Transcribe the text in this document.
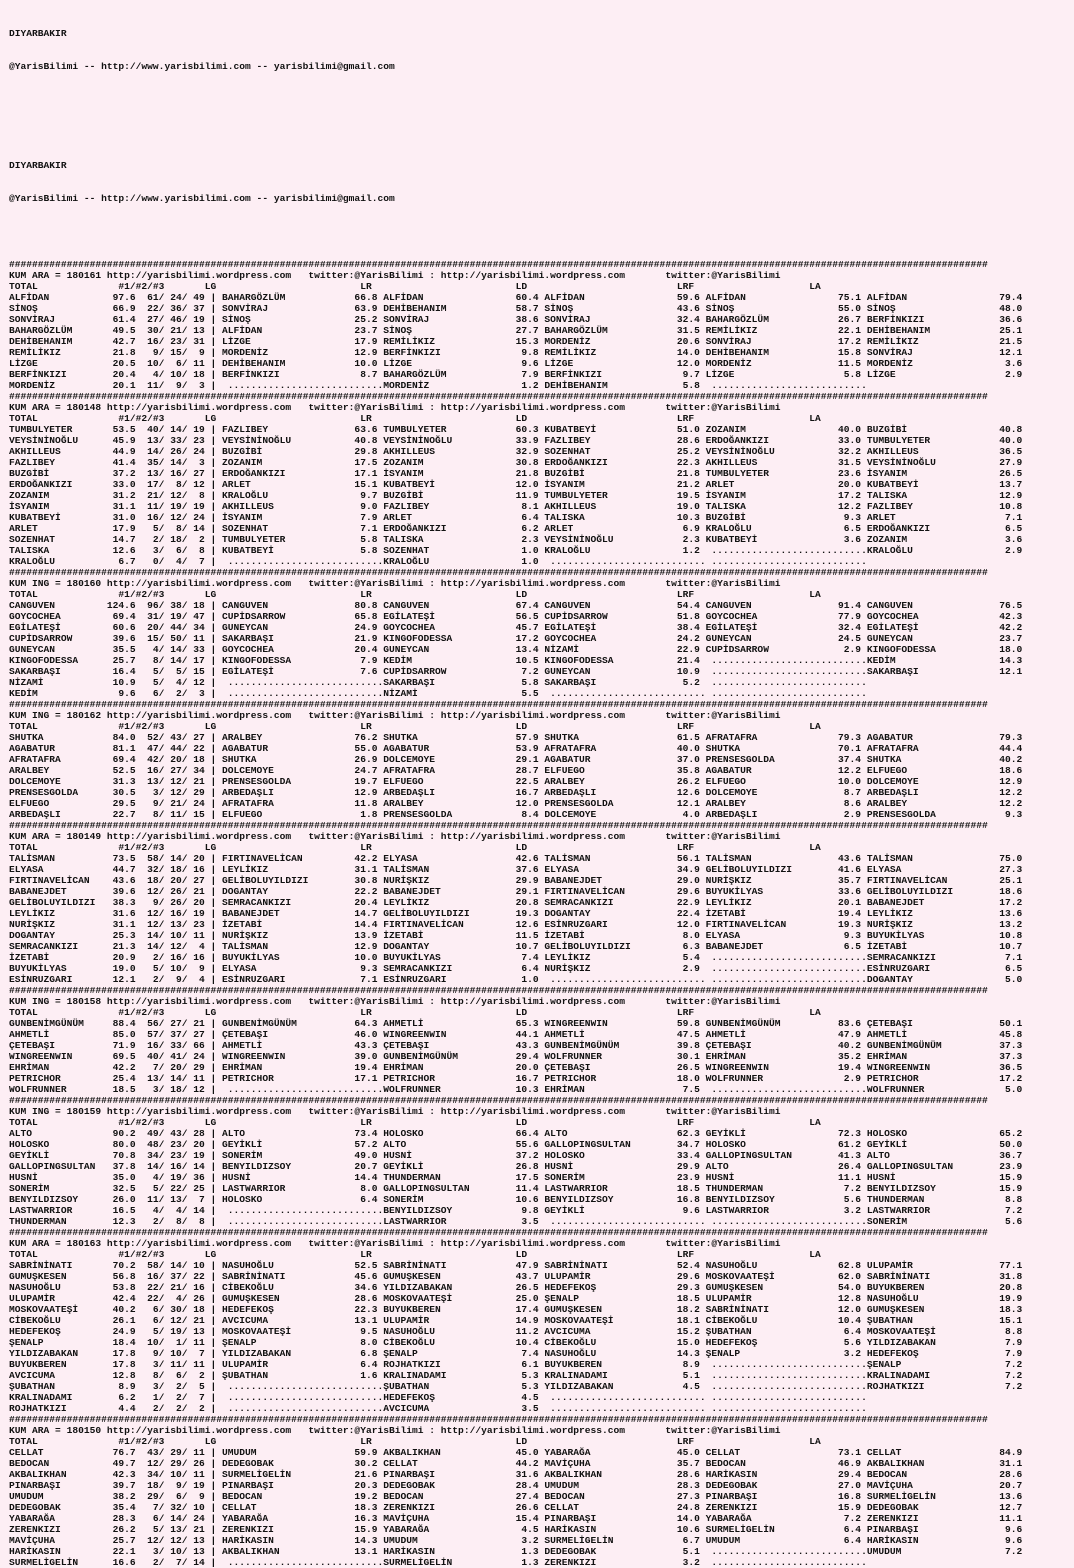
DIYARBAKIR

@YarisBilimi -- http://www.yarisbilimi.com -- yarisbilimi@gmail.com

DIYARBAKIR

@YarisBilimi -- http://www.yarisbilimi.com -- yarisbilimi@gmail.com

##########################################################################################################################################################################
KUM ARA = 180161 http://yarisbilimi.wordpress.com   twitter:@YarisBilimi : http://yarisbilimi.wordpress.com       twitter:@YarisBilimi
TOTAL              #1/#2/#3       LG                         LR                         LD                          LRF                    LA
ALFİDAN           97.6  61/ 24/ 49 | BAHARGÖZLÜM            66.8 ALFİDAN                60.4 ALFİDAN                59.6 ALFİDAN                75.1 ALFİDAN                79.4
SİNOŞ             66.9  22/ 36/ 37 | SONVİRAJ               63.9 DEHİBEHANIM            58.7 SİNOŞ                  43.6 SİNOŞ                  55.0 SİNOŞ                  48.0
SONVİRAJ          61.4  27/ 46/ 19 | SİNOŞ                  25.2 SONVİRAJ               38.6 SONVİRAJ               32.4 BAHARGÖZLÜM            26.7 BERFİNKIZI             36.6
BAHARGÖZLÜM       49.5  30/ 21/ 13 | ALFİDAN                23.7 SİNOŞ                  27.7 BAHARGÖZLÜM            31.5 REMİLİKIZ              22.1 DEHİBEHANIM            25.1
DEHİBEHANIM       42.7  16/ 23/ 31 | LİZGE                  17.9 REMİLİKIZ              15.3 MORDENİZ               20.6 SONVİRAJ               17.2 REMİLİKIZ              21.5
REMİLİKIZ         21.8   9/ 15/  9 | MORDENİZ               12.9 BERFİNKIZI              9.8 REMİLİKIZ              14.0 DEHİBEHANIM            15.8 SONVİRAJ               12.1
LİZGE             20.5  10/  6/ 11 | DEHİBEHANIM            10.0 LİZGE                   9.6 LİZGE                  12.0 MORDENİZ               11.5 MORDENİZ                3.6
BERFİNKIZI        20.4   4/ 10/ 18 | BERFİNKIZI              8.7 BAHARGÖZLÜM             7.9 BERFİNKIZI              9.7 LİZGE                   5.8 LİZGE                   2.9
MORDENİZ          20.1  11/  9/  3 |  ...........................MORDENİZ                1.2 DEHİBEHANIM             5.8  ...........................
##########################################################################################################################################################################
KUM ARA = 180148 http://yarisbilimi.wordpress.com   twitter:@YarisBilimi : http://yarisbilimi.wordpress.com       twitter:@YarisBilimi
TOTAL              #1/#2/#3       LG                         LR                         LD                          LRF                    LA
TUMBULYETER       53.5  40/ 14/ 19 | FAZLIBEY               63.6 TUMBULYETER            60.3 KUBATBEYİ              51.0 ZOZANIM                40.0 BUZGİBİ                40.8
VEYSİNİNOĞLU      45.9  13/ 33/ 23 | VEYSİNİNOĞLU           40.8 VEYSİNİNOĞLU           33.9 FAZLIBEY               28.6 ERDOĞANKIZI            33.0 TUMBULYETER            40.0
AKHILLEUS         44.9  14/ 26/ 24 | BUZGİBİ                29.8 AKHILLEUS              32.9 SOZENHAT               25.2 VEYSİNİNOĞLU           32.2 AKHILLEUS              36.5
FAZLIBEY          41.4  35/ 14/  3 | ZOZANIM                17.5 ZOZANIM                30.8 ERDOĞANKIZI            22.3 AKHILLEUS              31.5 VEYSİNİNOĞLU           27.9
BUZGİBİ           37.2  13/ 16/ 27 | ERDOĞANKIZI            17.1 İSYANIM                21.8 BUZGİBİ                21.8 TUMBULYETER            23.6 İSYANIM                26.5
ERDOĞANKIZI       33.0  17/  8/ 12 | ARLET                  15.1 KUBATBEYİ              12.0 İSYANIM                21.2 ARLET                  20.0 KUBATBEYİ              13.7
ZOZANIM           31.2  21/ 12/  8 | KRALOĞLU                9.7 BUZGİBİ                11.9 TUMBULYETER            19.5 İSYANIM                17.2 TALISKA                12.9
İSYANIM           31.1  11/ 19/ 19 | AKHILLEUS               9.0 FAZLIBEY                8.1 AKHILLEUS              19.0 TALISKA                12.2 FAZLIBEY               10.8
KUBATBEYİ         31.0  16/ 12/ 24 | İSYANIM                 7.9 ARLET                   6.4 TALISKA                10.3 BUZGİBİ                 9.3 ARLET                   7.1
ARLET             17.9   5/  8/ 14 | SOZENHAT                7.1 ERDOĞANKIZI             6.2 ARLET                   6.9 KRALOĞLU                6.5 ERDOĞANKIZI             6.5
SOZENHAT          14.7   2/ 18/  2 | TUMBULYETER             5.8 TALISKA                 2.3 VEYSİNİNOĞLU            2.3 KUBATBEYİ               3.6 ZOZANIM                 3.6
TALISKA           12.6   3/  6/  8 | KUBATBEYİ               5.8 SOZENHAT                1.0 KRALOĞLU                1.2  ...........................KRALOĞLU                2.9
KRALOĞLU           6.7   0/  4/  7 |  ...........................KRALOĞLU                1.0  ........................... ...........................
##########################################################################################################################################################################
KUM ING = 180160 http://yarisbilimi.wordpress.com   twitter:@YarisBilimi : http://yarisbilimi.wordpress.com       twitter:@YarisBilimi
TOTAL              #1/#2/#3       LG                         LR                         LD                          LRF                    LA
CANGUVEN         124.6  96/ 38/ 18 | CANGUVEN               80.8 CANGUVEN               67.4 CANGUVEN               54.4 CANGUVEN               91.4 CANGUVEN               76.5
GOYCOCHEA         69.4  31/ 19/ 47 | CUPİDSARROW            65.8 EGİLATEŞİ              56.5 CUPİDSARROW            51.8 GOYCOCHEA              77.9 GOYCOCHEA              42.3
EGİLATEŞİ         60.6  20/ 44/ 34 | GUNEYCAN               24.9 GOYCOCHEA              45.7 EGİLATEŞİ              38.4 EGİLATEŞİ              32.4 EGİLATEŞİ              42.2
CUPİDSARROW       39.6  15/ 50/ 11 | SAKARBAŞI              21.9 KINGOFODESSA           17.2 GOYCOCHEA              24.2 GUNEYCAN               24.5 GUNEYCAN               23.7
GUNEYCAN          35.5   4/ 14/ 33 | GOYCOCHEA              20.4 GUNEYCAN               13.4 NİZAMİ                 22.9 CUPİDSARROW             2.9 KINGOFODESSA           18.0
KINGOFODESSA      25.7   8/ 14/ 17 | KINGOFODESSA            7.9 KEDİM                  10.5 KINGOFODESSA           21.4  ...........................KEDİM                  14.3
SAKARBAŞI         16.4   5/  5/ 15 | EGİLATEŞİ               7.6 CUPİDSARROW             7.2 GUNEYCAN               10.9  ...........................SAKARBAŞI              12.1
NİZAMİ            10.9   5/  4/ 12 |  ...........................SAKARBAŞI               5.8 SAKARBAŞI               5.2  ...........................
KEDİM              9.6   6/  2/  3 |  ...........................NİZAMİ                  5.5  ........................... ...........................
##########################################################################################################################################################################
KUM ING = 180162 http://yarisbilimi.wordpress.com   twitter:@YarisBilimi : http://yarisbilimi.wordpress.com       twitter:@YarisBilimi
TOTAL              #1/#2/#3       LG                         LR                         LD                          LRF                    LA
SHUTKA            84.0  52/ 43/ 27 | ARALBEY                76.2 SHUTKA                 57.9 SHUTKA                 61.5 AFRATAFRA              79.3 AGABATUR               79.3
AGABATUR          81.1  47/ 44/ 22 | AGABATUR               55.0 AGABATUR               53.9 AFRATAFRA              40.0 SHUTKA                 70.1 AFRATAFRA              44.4
AFRATAFRA         69.4  42/ 20/ 18 | SHUTKA                 26.9 DOLCEMOYE              29.1 AGABATUR               37.0 PRENSESGOLDA           37.4 SHUTKA                 40.2
ARALBEY           52.5  16/ 27/ 34 | DOLCEMOYE              24.7 AFRATAFRA              28.7 ELFUEGO                35.8 AGABATUR               12.2 ELFUEGO                18.6
DOLCEMOYE         31.3  13/ 12/ 21 | PRENSESGOLDA           19.7 ELFUEGO                22.5 ARALBEY                26.2 ELFUEGO                10.0 DOLCEMOYE              12.9
PRENSESGOLDA      30.5   3/ 12/ 29 | ARBEDAŞLI              12.9 ARBEDAŞLI              16.7 ARBEDAŞLI              12.6 DOLCEMOYE               8.7 ARBEDAŞLI              12.2
ELFUEGO           29.5   9/ 21/ 24 | AFRATAFRA              11.8 ARALBEY                12.0 PRENSESGOLDA           12.1 ARALBEY                 8.6 ARALBEY                12.2
ARBEDAŞLI         22.7   8/ 11/ 15 | ELFUEGO                 1.8 PRENSESGOLDA            8.4 DOLCEMOYE               4.0 ARBEDAŞLI               2.9 PRENSESGOLDA            9.3
##########################################################################################################################################################################
KUM ARA = 180149 http://yarisbilimi.wordpress.com   twitter:@YarisBilimi : http://yarisbilimi.wordpress.com       twitter:@YarisBilimi
TOTAL              #1/#2/#3       LG                         LR                         LD                          LRF                    LA
TALİSMAN          73.5  58/ 14/ 20 | FIRTINAVELİCAN         42.2 ELYASA                 42.6 TALİSMAN               56.1 TALİSMAN               43.6 TALİSMAN               75.0
ELYASA            44.7  32/ 18/ 16 | LEYLİKIZ               31.1 TALİSMAN               37.6 ELYASA                 34.9 GELİBOLUYILDIZI        41.6 ELYASA                 27.3
FIRTINAVELİCAN    43.6  18/ 20/ 27 | GELİBOLUYILDIZI        30.8 NURİŞKIZ               29.9 BABANEJDET             29.0 NURİŞKIZ               35.7 FIRTINAVELİCAN         25.1
BABANEJDET        39.6  12/ 26/ 21 | DOGANTAY               22.2 BABANEJDET             29.1 FIRTINAVELİCAN         29.6 BUYUKİLYAS             33.6 GELİBOLUYILDIZI        18.6
GELİBOLUYILDIZI   38.3   9/ 26/ 20 | SEMRACANKIZI           20.4 LEYLİKIZ               20.8 SEMRACANKIZI           22.9 LEYLİKIZ               20.1 BABANEJDET             17.2
LEYLİKIZ          31.6  12/ 16/ 19 | BABANEJDET             14.7 GELİBOLUYILDIZI        19.3 DOGANTAY               22.4 İZETABİ                19.4 LEYLİKIZ               13.6
NURİŞKIZ          31.1  12/ 13/ 23 | İZETABİ                14.4 FIRTINAVELİCAN         12.6 ESİNRUZGARI            12.0 FIRTINAVELİCAN         19.3 NURİŞKIZ               13.2
DOGANTAY          25.3  14/ 10/ 11 | NURİŞKIZ               13.9 İZETABİ                11.5 İZETABİ                 8.0 ELYASA                  9.3 BUYUKİLYAS             10.8
SEMRACANKIZI      21.3  14/ 12/  4 | TALİSMAN               12.9 DOGANTAY               10.7 GELİBOLUYILDIZI         6.3 BABANEJDET              6.5 İZETABİ                10.7
İZETABİ           20.9   2/ 16/ 16 | BUYUKİLYAS             10.0 BUYUKİLYAS              7.4 LEYLİKIZ                5.4  ...........................SEMRACANKIZI            7.1
BUYUKİLYAS        19.0   5/ 10/  9 | ELYASA                  9.3 SEMRACANKIZI            6.4 NURİŞKIZ                2.9  ...........................ESİNRUZGARI             6.5
ESİNRUZGARI       12.1   2/  9/  4 | ESİNRUZGARI             7.1 ESİNRUZGARI             1.0  ........................... ...........................DOGANTAY                5.0
##########################################################################################################################################################################
KUM ING = 180158 http://yarisbilimi.wordpress.com   twitter:@YarisBilimi : http://yarisbilimi.wordpress.com       twitter:@YarisBilimi
TOTAL              #1/#2/#3       LG                         LR                         LD                          LRF                    LA
GUNBENİMGÜNÜM     88.4  56/ 27/ 21 | GUNBENİMGÜNÜM          64.3 AHMETLİ                65.3 WINGREENWIN            59.8 GUNBENİMGÜNÜM          83.6 ÇETEBAŞI               50.1
AHMETLİ           85.0  57/ 37/ 27 | ÇETEBAŞI               46.0 WINGREENWIN            44.1 AHMETLİ                47.5 AHMETLİ                47.9 AHMETLİ                45.8
ÇETEBAŞI          71.9  16/ 33/ 66 | AHMETLİ                43.3 ÇETEBAŞI               43.3 GUNBENİMGÜNÜM          39.8 ÇETEBAŞI               40.2 GUNBENİMGÜNÜM          37.3
WINGREENWIN       69.5  40/ 41/ 24 | WINGREENWIN            39.0 GUNBENİMGÜNÜM          29.4 WOLFRUNNER             30.1 EHRİMAN                35.2 EHRİMAN                37.3
EHRİMAN           42.2   7/ 20/ 29 | EHRİMAN                19.4 EHRİMAN                20.0 ÇETEBAŞI               26.5 WINGREENWIN            19.4 WINGREENWIN            36.5
PETRICHOR         25.4  13/ 14/ 11 | PETRICHOR              17.1 PETRICHOR              16.7 PETRICHOR              18.0 WOLFRUNNER              2.9 PETRICHOR              17.2
WOLFRUNNER        18.5   3/ 18/ 12 |  ...........................WOLFRUNNER             10.3 EHRİMAN                 7.5  ...........................WOLFRUNNER              5.0
##########################################################################################################################################################################
KUM ING = 180159 http://yarisbilimi.wordpress.com   twitter:@YarisBilimi : http://yarisbilimi.wordpress.com       twitter:@YarisBilimi
TOTAL              #1/#2/#3       LG                         LR                         LD                          LRF                    LA
ALTO              90.2  49/ 43/ 28 | ALTO                   73.4 HOLOSKO                66.4 ALTO                   62.3 GEYİKLİ                72.3 HOLOSKO                65.2
HOLOSKO           80.0  48/ 23/ 20 | GEYİKLİ                57.2 ALTO                   55.6 GALLOPINGSULTAN        34.7 HOLOSKO                61.2 GEYİKLİ                50.0
GEYİKLİ           70.8  34/ 23/ 19 | SONERİM                49.0 HUSNİ                  37.2 HOLOSKO                33.4 GALLOPINGSULTAN        41.3 ALTO                   36.7
GALLOPINGSULTAN   37.8  14/ 16/ 14 | BENYILDIZSOY           20.7 GEYİKLİ                26.8 HUSNİ                  29.9 ALTO                   26.4 GALLOPINGSULTAN        23.9
HUSNİ             35.0   4/ 19/ 36 | HUSNİ                  14.4 THUNDERMAN             17.5 SONERİM                23.9 HUSNİ                  11.1 HUSNİ                  15.9
SONERİM           32.5   5/ 22/ 25 | LASTWARRIOR             8.0 GALLOPINGSULTAN        11.4 LASTWARRIOR            18.5 THUNDERMAN              7.2 BENYILDIZSOY           15.9
BENYILDIZSOY      26.0  11/ 13/  7 | HOLOSKO                 6.4 SONERİM                10.6 BENYILDIZSOY           16.8 BENYILDIZSOY            5.6 THUNDERMAN              8.8
LASTWARRIOR       16.5   4/  4/ 14 |  ...........................BENYILDIZSOY            9.8 GEYİKLİ                 9.6 LASTWARRIOR             3.2 LASTWARRIOR             7.2
THUNDERMAN        12.3   2/  8/  8 |  ...........................LASTWARRIOR             3.5  ........................... ...........................SONERİM                 5.6
##########################################################################################################################################################################
KUM ARA = 180163 http://yarisbilimi.wordpress.com   twitter:@YarisBilimi : http://yarisbilimi.wordpress.com       twitter:@YarisBilimi
TOTAL              #1/#2/#3       LG                         LR                         LD                          LRF                    LA
SABRİNİNATI       70.2  58/ 14/ 10 | NASUHOĞLU              52.5 SABRİNİNATI            47.9 SABRİNİNATI            52.4 NASUHOĞLU              62.8 ULUPAMİR               77.1
GUMUŞKESEN        56.8  16/ 37/ 22 | SABRİNİNATI            45.6 GUMUŞKESEN             43.7 ULUPAMİR               29.6 MOSKOVAATEŞİ           62.0 SABRİNİNATI            31.8
NASUHOĞLU         53.8  22/ 21/ 16 | CİBEKOĞLU              34.6 YILDIZABAKAN           26.5 HEDEFEKOŞ              29.3 GUMUŞKESEN             54.0 BUYUKBEREN             20.8
ULUPAMİR          42.4  22/  4/ 26 | GUMUŞKESEN             28.6 MOSKOVAATEŞİ           25.0 ŞENALP                 18.5 ULUPAMİR               12.8 NASUHOĞLU              19.9
MOSKOVAATEŞİ      40.2   6/ 30/ 18 | HEDEFEKOŞ              22.3 BUYUKBEREN             17.4 GUMUŞKESEN             18.2 SABRİNİNATI            12.0 GUMUŞKESEN             18.3
CİBEKOĞLU         26.1   6/ 12/ 21 | AVCICUMA               13.1 ULUPAMİR               14.9 MOSKOVAATEŞİ           18.1 CİBEKOĞLU              10.4 ŞUBATHAN               15.1
HEDEFEKOŞ         24.9   5/ 19/ 13 | MOSKOVAATEŞİ            9.5 NASUHOĞLU              11.2 AVCICUMA               15.2 ŞUBATHAN                6.4 MOSKOVAATEŞİ            8.8
ŞENALP            18.4  10/  1/ 11 | ŞENALP                  8.0 CİBEKOĞLU              10.4 CİBEKOĞLU              15.0 HEDEFEKOŞ               5.6 YILDIZABAKAN            7.9
YILDIZABAKAN      17.8   9/ 10/  7 | YILDIZABAKAN            6.8 ŞENALP                  7.4 NASUHOĞLU              14.3 ŞENALP                  3.2 HEDEFEKOŞ               7.9
BUYUKBEREN        17.8   3/ 11/ 11 | ULUPAMİR                6.4 ROJHATKIZI              6.1 BUYUKBEREN              8.9  ...........................ŞENALP                  7.2
AVCICUMA          12.8   8/  6/  2 | ŞUBATHAN                1.6 KRALINADAMI             5.3 KRALINADAMI             5.1  ...........................KRALINADAMI             7.2
ŞUBATHAN           8.9   3/  2/  5 |  ...........................ŞUBATHAN                5.3 YILDIZABAKAN            4.5  ...........................ROJHATKIZI              7.2
KRALINADAMI        6.2   1/  2/  7 |  ...........................HEDEFEKOŞ               4.5  ........................... ...........................
ROJHATKIZI         4.4   2/  2/  2 |  ...........................AVCICUMA                3.5  ........................... ...........................
##########################################################################################################################################################################
KUM ARA = 180150 http://yarisbilimi.wordpress.com   twitter:@YarisBilimi : http://yarisbilimi.wordpress.com       twitter:@YarisBilimi
TOTAL              #1/#2/#3       LG                         LR                         LD                          LRF                    LA
CELLAT            76.7  43/ 29/ 11 | UMUDUM                 59.9 AKBALIKHAN             45.0 YABARAĞA               45.0 CELLAT                 73.1 CELLAT                 84.9
BEDOCAN           49.7  12/ 29/ 26 | DEDEGOBAK              30.2 CELLAT                 44.2 MAVİÇUHA               35.7 BEDOCAN                46.9 AKBALIKHAN             31.1
AKBALIKHAN        42.3  34/ 10/ 11 | SURMELİGELİN           21.6 PINARBAŞI              31.6 AKBALIKHAN             28.6 HARİKASIN              29.4 BEDOCAN                28.6
PINARBAŞI         39.7  18/  9/ 19 | PINARBAŞI              20.3 DEDEGOBAK              28.4 UMUDUM                 28.3 DEDEGOBAK              27.0 MAVİÇUHA               20.7
UMUDUM            38.2  29/  6/  9 | BEDOCAN                19.2 BEDOCAN                27.4 BEDOCAN                27.3 PINARBAŞI              16.8 SURMELİGELİN           13.6
DEDEGOBAK         35.4   7/ 32/ 10 | CELLAT                 18.3 ZERENKIZI              26.6 CELLAT                 24.8 ZERENKIZI              15.9 DEDEGOBAK              12.7
YABARAĞA          28.3   6/ 14/ 24 | YABARAĞA               16.3 MAVİÇUHA               15.4 PINARBAŞI              14.0 YABARAĞA                7.2 ZERENKIZI              11.1
ZERENKIZI         26.2   5/ 13/ 21 | ZERENKIZI              15.9 YABARAĞA                4.5 HARİKASIN              10.6 SURMELİGELİN            6.4 PINARBAŞI               9.6
MAVİÇUHA          25.7  12/ 12/ 13 | HARİKASIN              14.3 UMUDUM                  3.2 SURMELİGELİN            6.7 UMUDUM                  6.4 HARİKASIN               9.6
HARİKASIN         22.1   3/ 10/ 13 | AKBALIKHAN             13.1 HARİKASIN               1.3 DEDEGOBAK               5.1  ...........................UMUDUM                  7.2
SURMELİGELİN      16.6   2/  7/ 14 |  ...........................SURMELİGELİN            1.3 ZERENKIZI               3.2  ...........................
